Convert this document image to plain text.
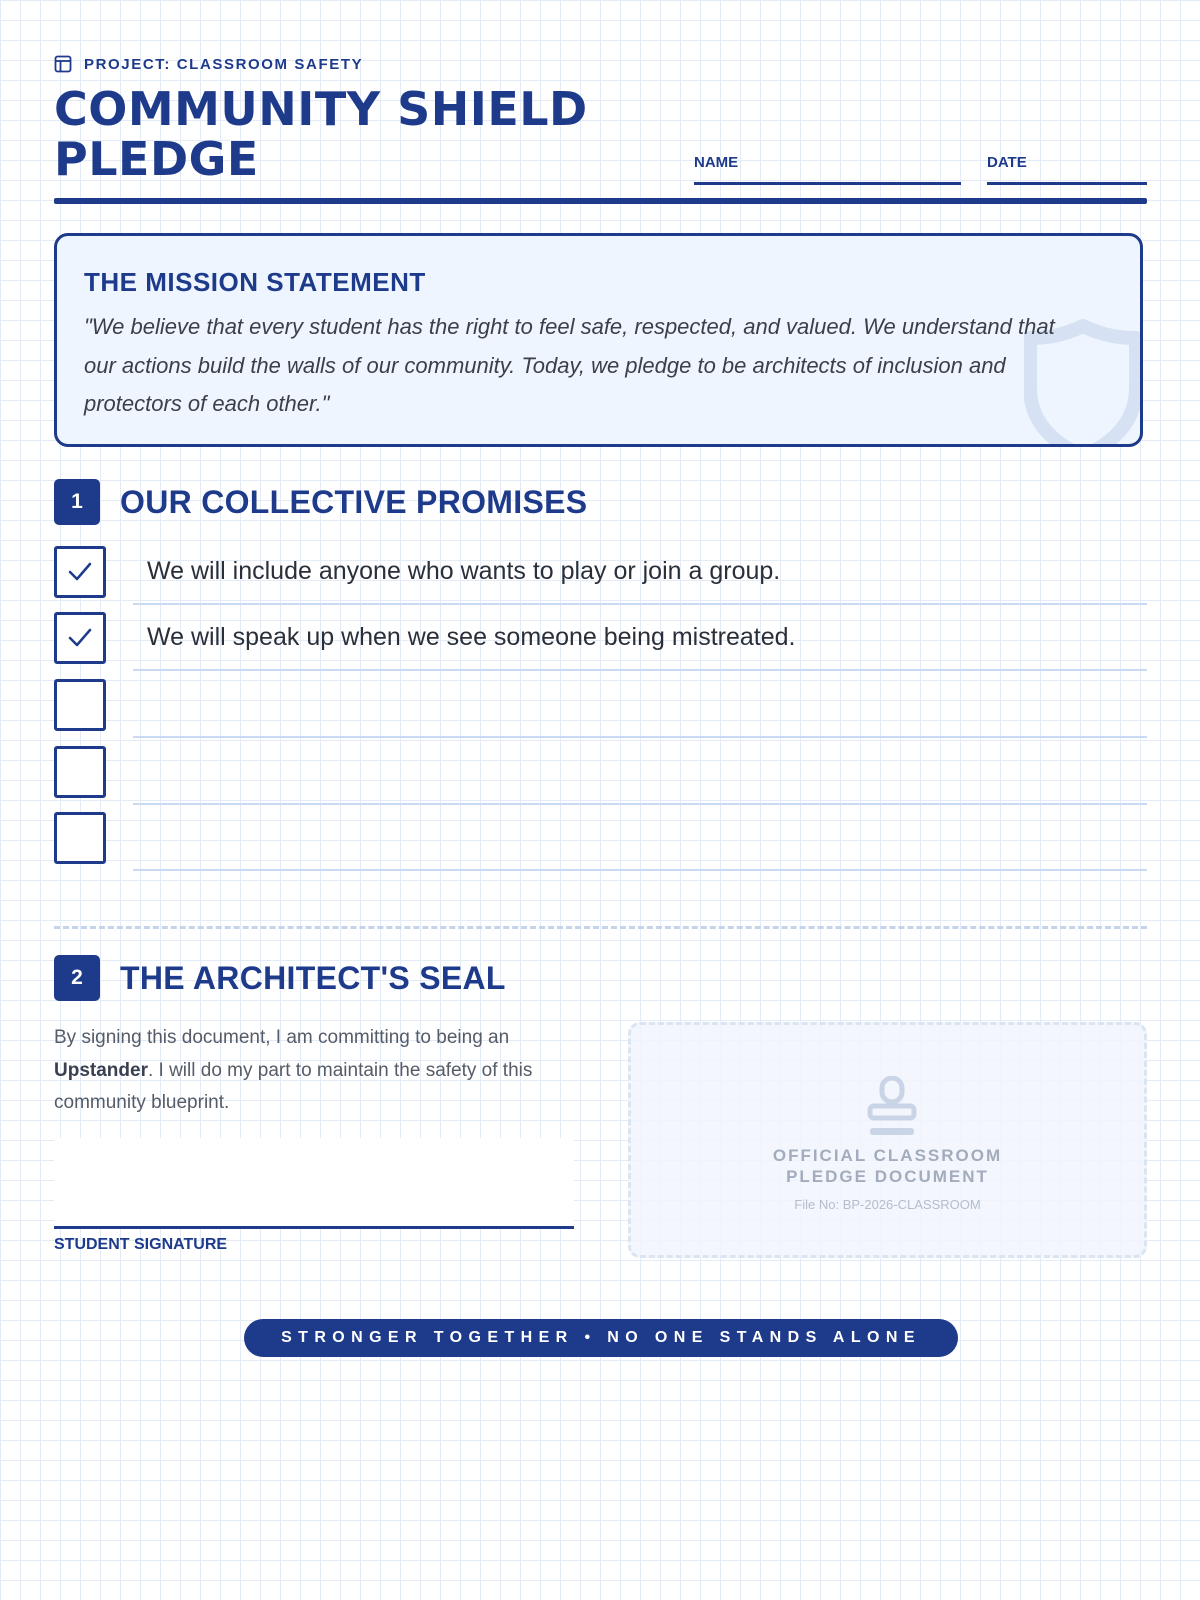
PROJECT: CLASSROOM SAFETY
COMMUNITY SHIELD
PLEDGE	NAME	DATE
THE MISSION STATEMENT

"We believe that every student has the right to feel safe, respected, and valued. We understand that our actions build the walls of our community. Today, we pledge to be architects of inclusion and protectors of each other."

1	OUR COLLECTIVE PROMISES
We will include anyone who wants to play or join a group.
We will speak up when we see someone being mistreated.
2	THE ARCHITECT'S SEAL

By signing this document, I am committing to being an Upstander. I will do my part to maintain the safety of this community blueprint.

STUDENT SIGNATURE
OFFICIAL CLASSROOM
PLEDGE DOCUMENT
File No: BP-2026-CLASSROOM
STRONGER TOGETHER • NO ONE STANDS ALONE
